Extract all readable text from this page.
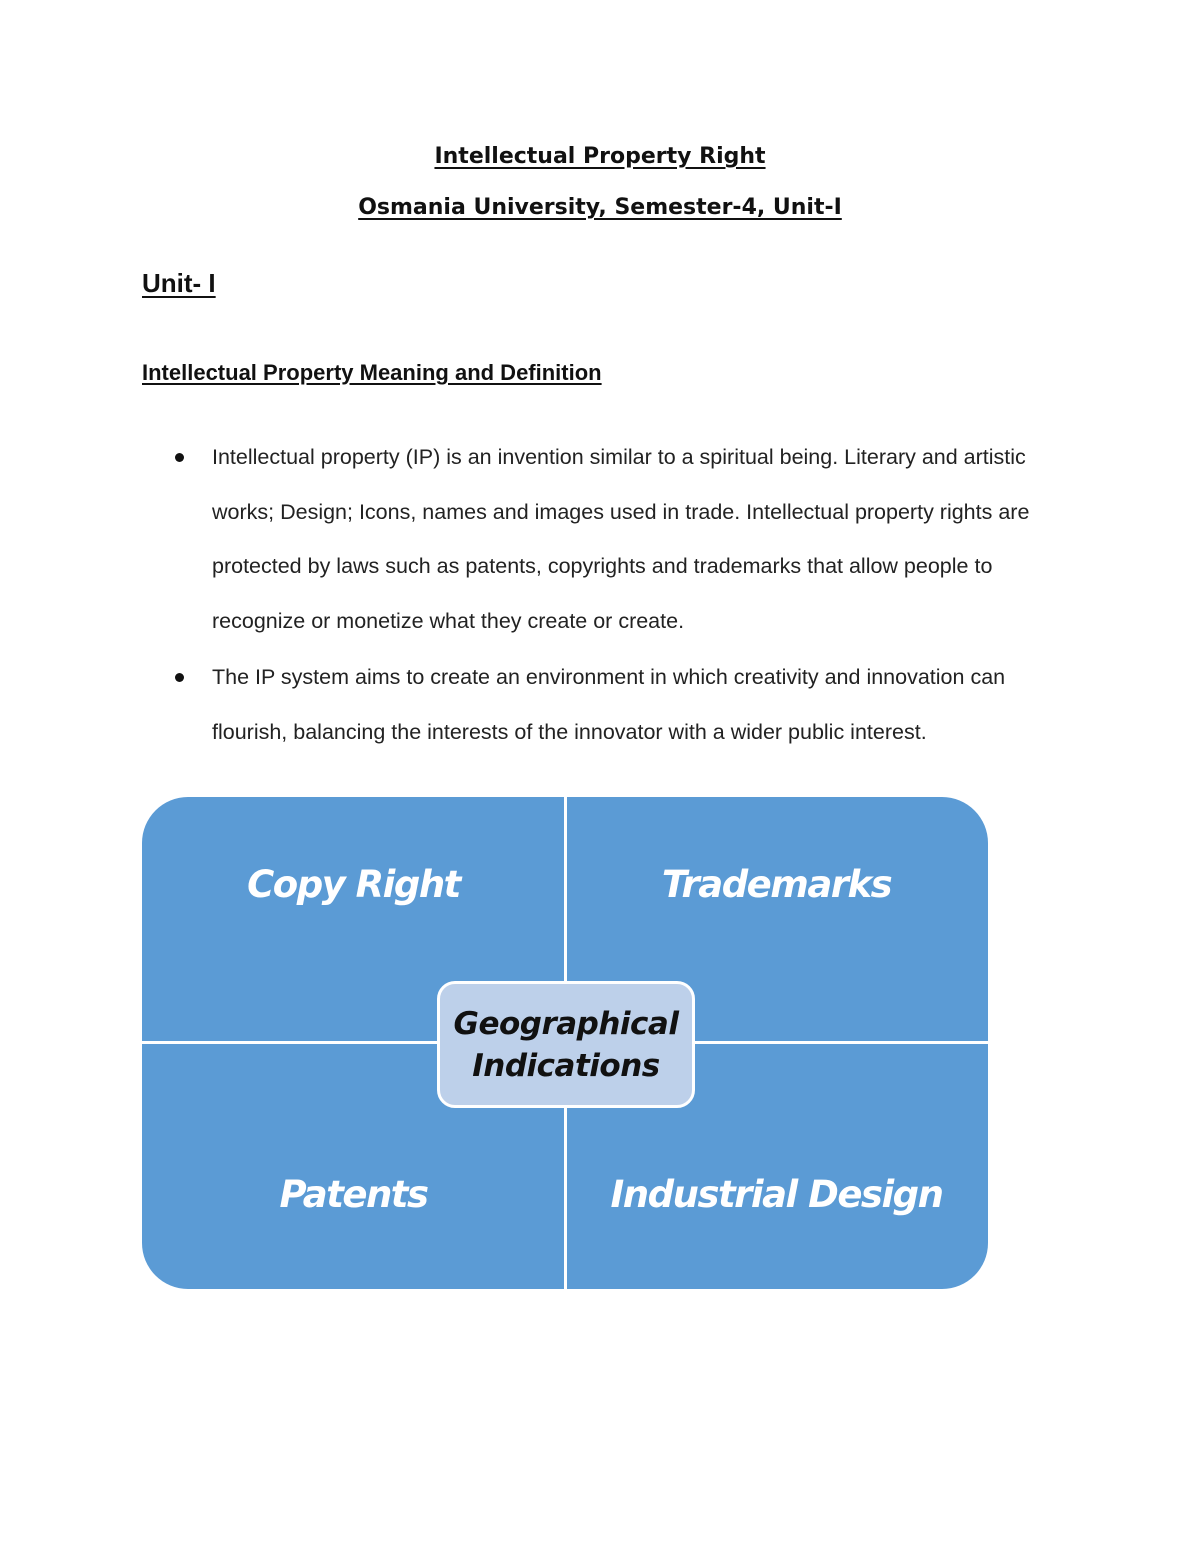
Intellectual Property Right
Osmania University, Semester-4, Unit-I
Unit- I
Intellectual Property Meaning and Definition
Intellectual property (IP) is an invention similar to a spiritual being. Literary and artistic works; Design; Icons, names and images used in trade. Intellectual property rights are protected by laws such as patents, copyrights and trademarks that allow people to recognize or monetize what they create or create.
The IP system aims to create an environment in which creativity and innovation can flourish, balancing the interests of the innovator with a wider public interest.
Copy Right	Trademarks
Patents	Industrial Design
Geographical
Indications
